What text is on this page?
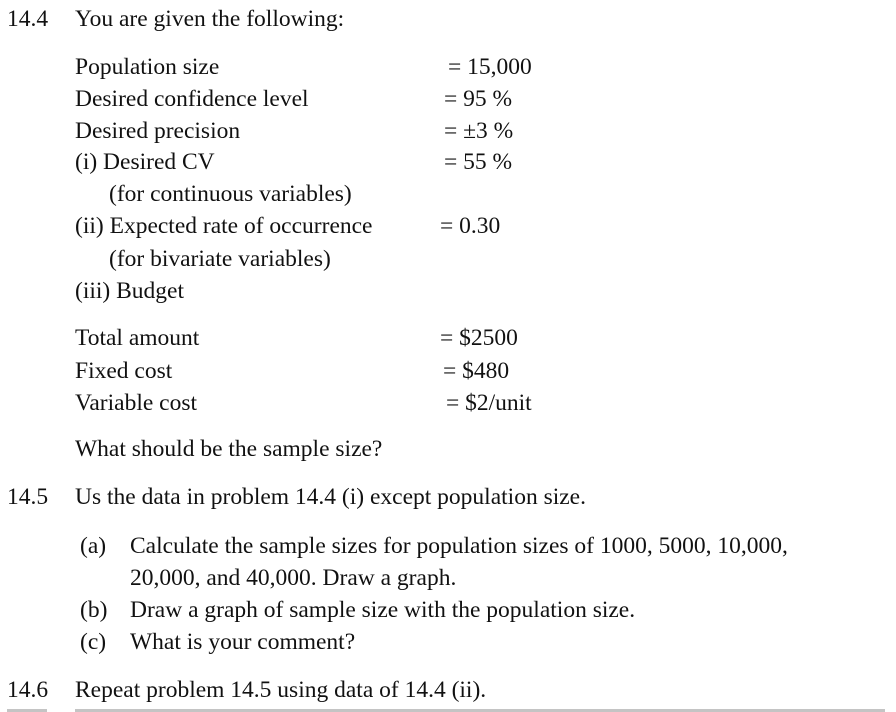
14.4 You are given the following:
Population size	= 15,000
Desired confidence level	= 95 %
Desired precision	= ±3 %
(i) Desired CV	= 55 %
(for continuous variables)
(ii) Expected rate of occurrence	= 0.30
(for bivariate variables)
(iii) Budget
Total amount	= $2500
Fixed cost	= $480
Variable cost	= $2/unit
What should be the sample size?
14.5 Us the data in problem 14.4 (i) except population size.
(a) Calculate the sample sizes for population sizes of 1000, 5000, 10,000,
20,000, and 40,000. Draw a graph.
(b) Draw a graph of sample size with the population size.
(c) What is your comment?
14.6 Repeat problem 14.5 using data of 14.4 (ii).
